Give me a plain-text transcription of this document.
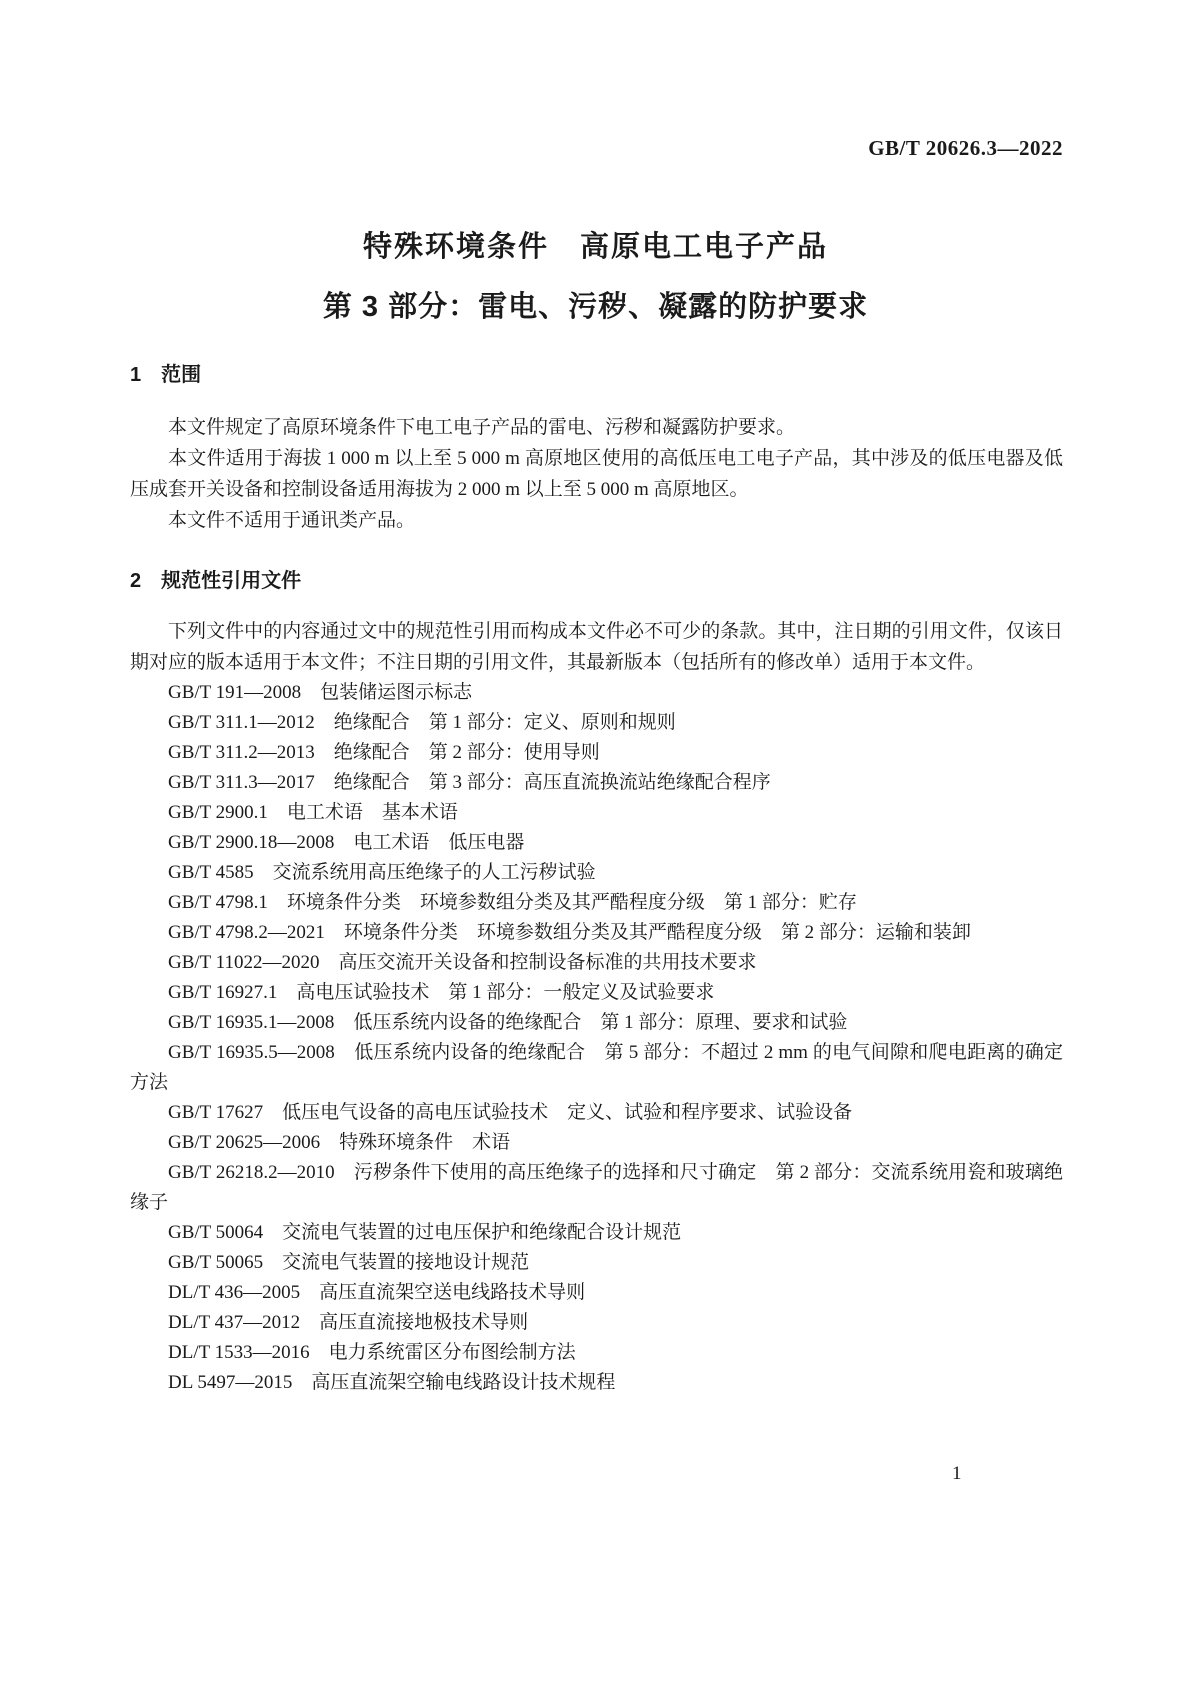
GB/T 20626.3—2022
特殊环境条件　高原电工电子产品
第 3 部分：雷电、污秽、凝露的防护要求
1　范围

本文件规定了高原环境条件下电工电子产品的雷电、污秽和凝露防护要求。

本文件适用于海拔 1 000 m 以上至 5 000 m 高原地区使用的高低压电工电子产品，其中涉及的低压电器及低压成套开关设备和控制设备适用海拔为 2 000 m 以上至 5 000 m 高原地区。

本文件不适用于通讯类产品。

2　规范性引用文件

下列文件中的内容通过文中的规范性引用而构成本文件必不可少的条款。其中，注日期的引用文件，仅该日期对应的版本适用于本文件；不注日期的引用文件，其最新版本（包括所有的修改单）适用于本文件。

GB/T 191—2008　包装储运图示标志

GB/T 311.1—2012　绝缘配合　第 1 部分：定义、原则和规则

GB/T 311.2—2013　绝缘配合　第 2 部分：使用导则

GB/T 311.3—2017　绝缘配合　第 3 部分：高压直流换流站绝缘配合程序

GB/T 2900.1　电工术语　基本术语

GB/T 2900.18—2008　电工术语　低压电器

GB/T 4585　交流系统用高压绝缘子的人工污秽试验

GB/T 4798.1　环境条件分类　环境参数组分类及其严酷程度分级　第 1 部分：贮存

GB/T 4798.2—2021　环境条件分类　环境参数组分类及其严酷程度分级　第 2 部分：运输和装卸

GB/T 11022—2020　高压交流开关设备和控制设备标准的共用技术要求

GB/T 16927.1　高电压试验技术　第 1 部分：一般定义及试验要求

GB/T 16935.1—2008　低压系统内设备的绝缘配合　第 1 部分：原理、要求和试验

GB/T 16935.5—2008　低压系统内设备的绝缘配合　第 5 部分：不超过 2 mm 的电气间隙和爬电距离的确定方法

GB/T 17627　低压电气设备的高电压试验技术　定义、试验和程序要求、试验设备

GB/T 20625—2006　特殊环境条件　术语

GB/T 26218.2—2010　污秽条件下使用的高压绝缘子的选择和尺寸确定　第 2 部分：交流系统用瓷和玻璃绝缘子

GB/T 50064　交流电气装置的过电压保护和绝缘配合设计规范

GB/T 50065　交流电气装置的接地设计规范

DL/T 436—2005　高压直流架空送电线路技术导则

DL/T 437—2012　高压直流接地极技术导则

DL/T 1533—2016　电力系统雷区分布图绘制方法

DL 5497—2015　高压直流架空输电线路设计技术规程

1
